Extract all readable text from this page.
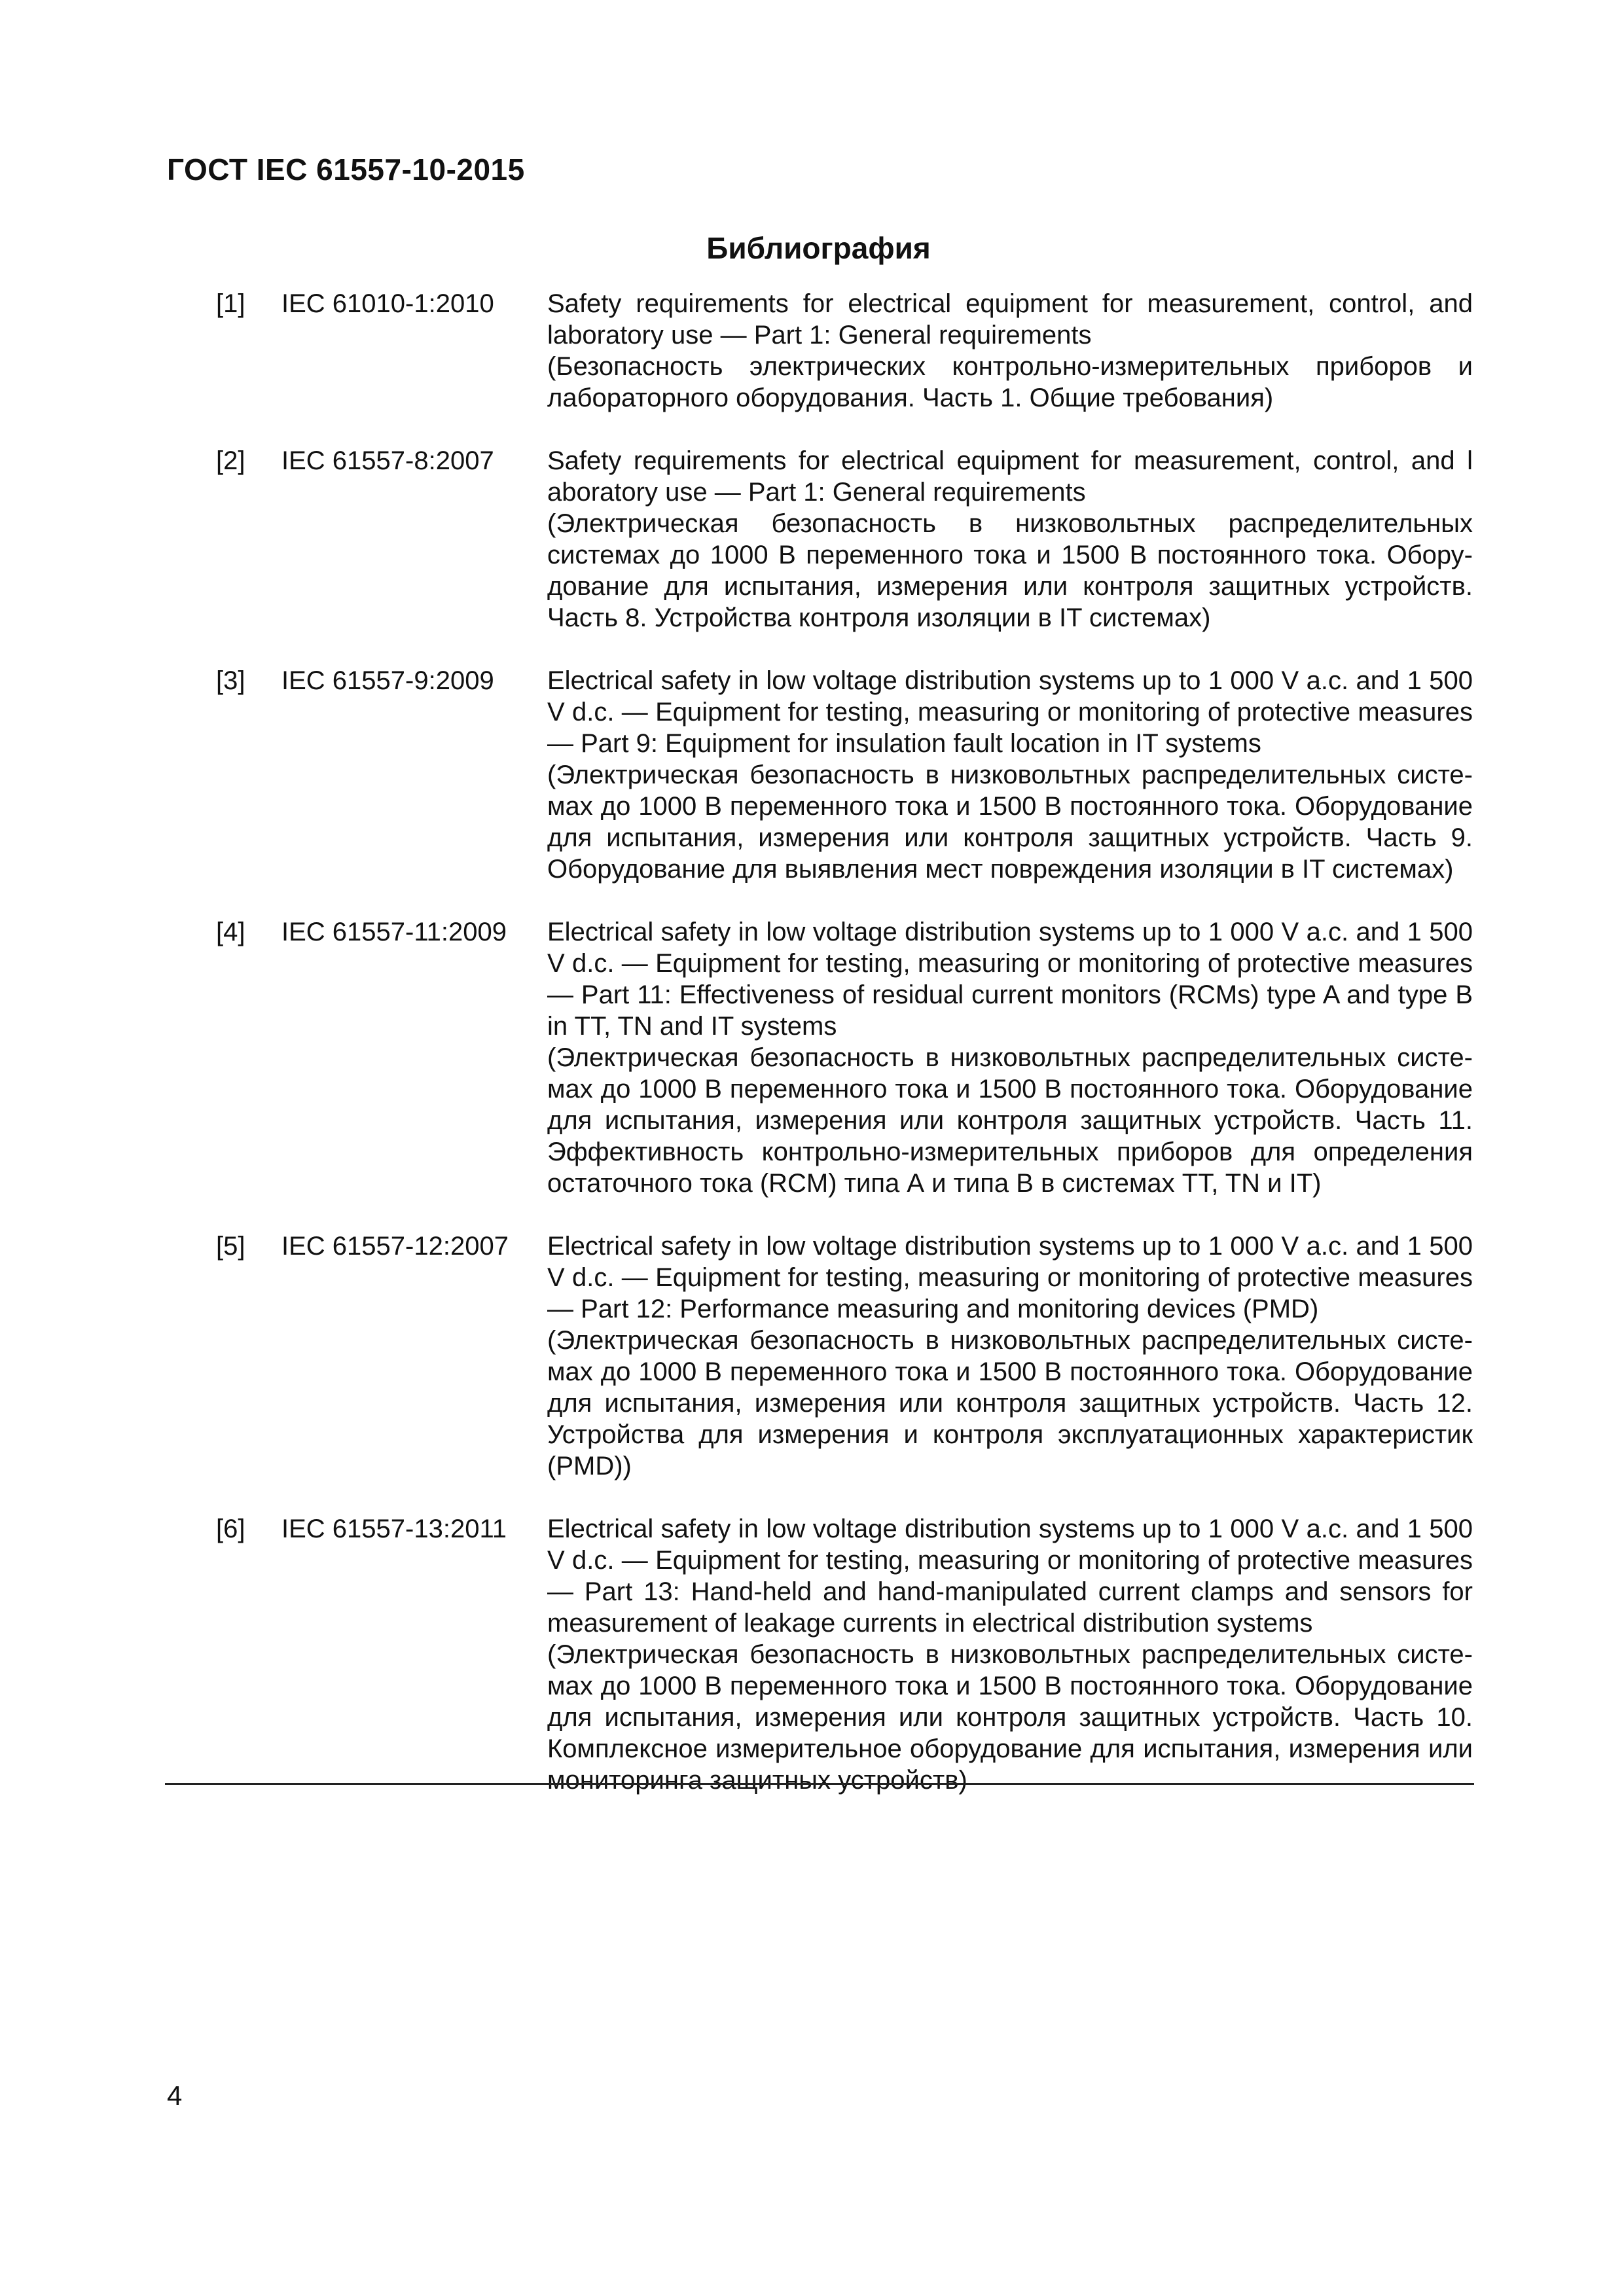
ГОСТ IEC 61557-10-2015
Библиография
[1] IEC 61010-1:2010 Safety requirements for electrical equipment for measurement, control, and laboratory use — Part 1: General requirements

(Безопасность электрических контрольно-измерительных приборов и лабораторного оборудования. Часть 1. Общие требования)

[2] IEC 61557-8:2007 Safety requirements for electrical equipment for measurement, control, and l aboratory use — Part 1: General requirements

(Электрическая безопасность в низковольтных распределительных системах до 1000 В переменного тока и 1500 В постоянного тока. Обору-дование для испытания, измерения или контроля защитных устройств. Часть 8. Устройства контроля изоляции в IT системах)

[3] IEC 61557-9:2009 Electrical safety in low voltage distribution systems up to 1 000 V a.c. and 1 500 V d.c. — Equipment for testing, measuring or monitoring of protective measures — Part 9: Equipment for insulation fault location in IT systems

(Электрическая безопасность в низковольтных распределительных систе-мах до 1000 В переменного тока и 1500 В постоянного тока. Оборудование для испытания, измерения или контроля защитных устройств. Часть 9. Оборудование для выявления мест повреждения изоляции в IT системах)

[4] IEC 61557-11:2009 Electrical safety in low voltage distribution systems up to 1 000 V a.c. and 1 500 V d.c. — Equipment for testing, measuring or monitoring of protective measures — Part 11: Effectiveness of residual current monitors (RCMs) type A and type B in TT, TN and IT systems

(Электрическая безопасность в низковольтных распределительных систе-мах до 1000 В переменного тока и 1500 В постоянного тока. Оборудование для испытания, измерения или контроля защитных устройств. Часть 11. Эффективность контрольно-измерительных приборов для определения остаточного тока (RCM) типа А и типа В в системах TT, TN и IT)

[5] IEC 61557-12:2007 Electrical safety in low voltage distribution systems up to 1 000 V a.c. and 1 500 V d.c. — Equipment for testing, measuring or monitoring of protective measures — Part 12: Performance measuring and monitoring devices (PMD)

(Электрическая безопасность в низковольтных распределительных систе-мах до 1000 В переменного тока и 1500 В постоянного тока. Оборудование для испытания, измерения или контроля защитных устройств. Часть 12. Устройства для измерения и контроля эксплуатационных характеристик (PMD))

[6] IEC 61557-13:2011 Electrical safety in low voltage distribution systems up to 1 000 V a.c. and 1 500 V d.c. — Equipment for testing, measuring or monitoring of protective measures — Part 13: Hand-held and hand-manipulated current clamps and sensors for measurement of leakage currents in electrical distribution systems

(Электрическая безопасность в низковольтных распределительных систе-мах до 1000 В переменного тока и 1500 В постоянного тока. Оборудование для испытания, измерения или контроля защитных устройств. Часть 10. Комплексное измерительное оборудование для испытания, измерения или мониторинга защитных устройств)

4
